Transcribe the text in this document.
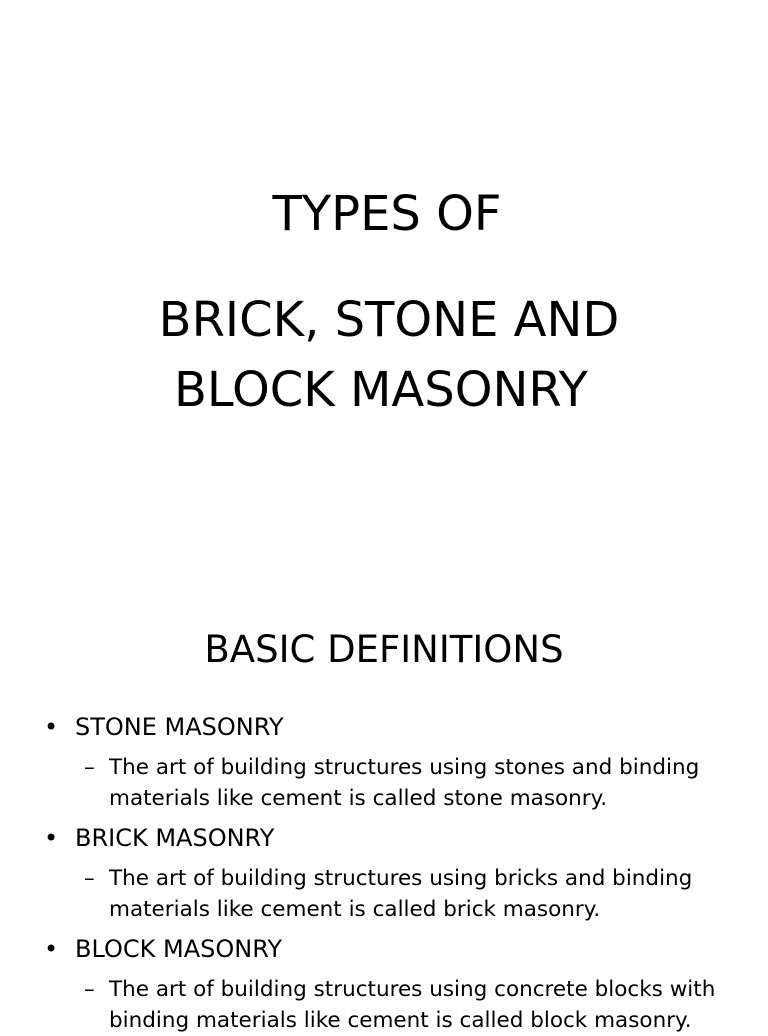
TYPES OF
BRICK, STONE AND
BLOCK MASONRY
BASIC DEFINITIONS
• STONE MASONRY
– The art of building structures using stones and binding
materials like cement is called stone masonry.
• BRICK MASONRY
– The art of building structures using bricks and binding
materials like cement is called brick masonry.
• BLOCK MASONRY
– The art of building structures using concrete blocks with
binding materials like cement is called block masonry.
